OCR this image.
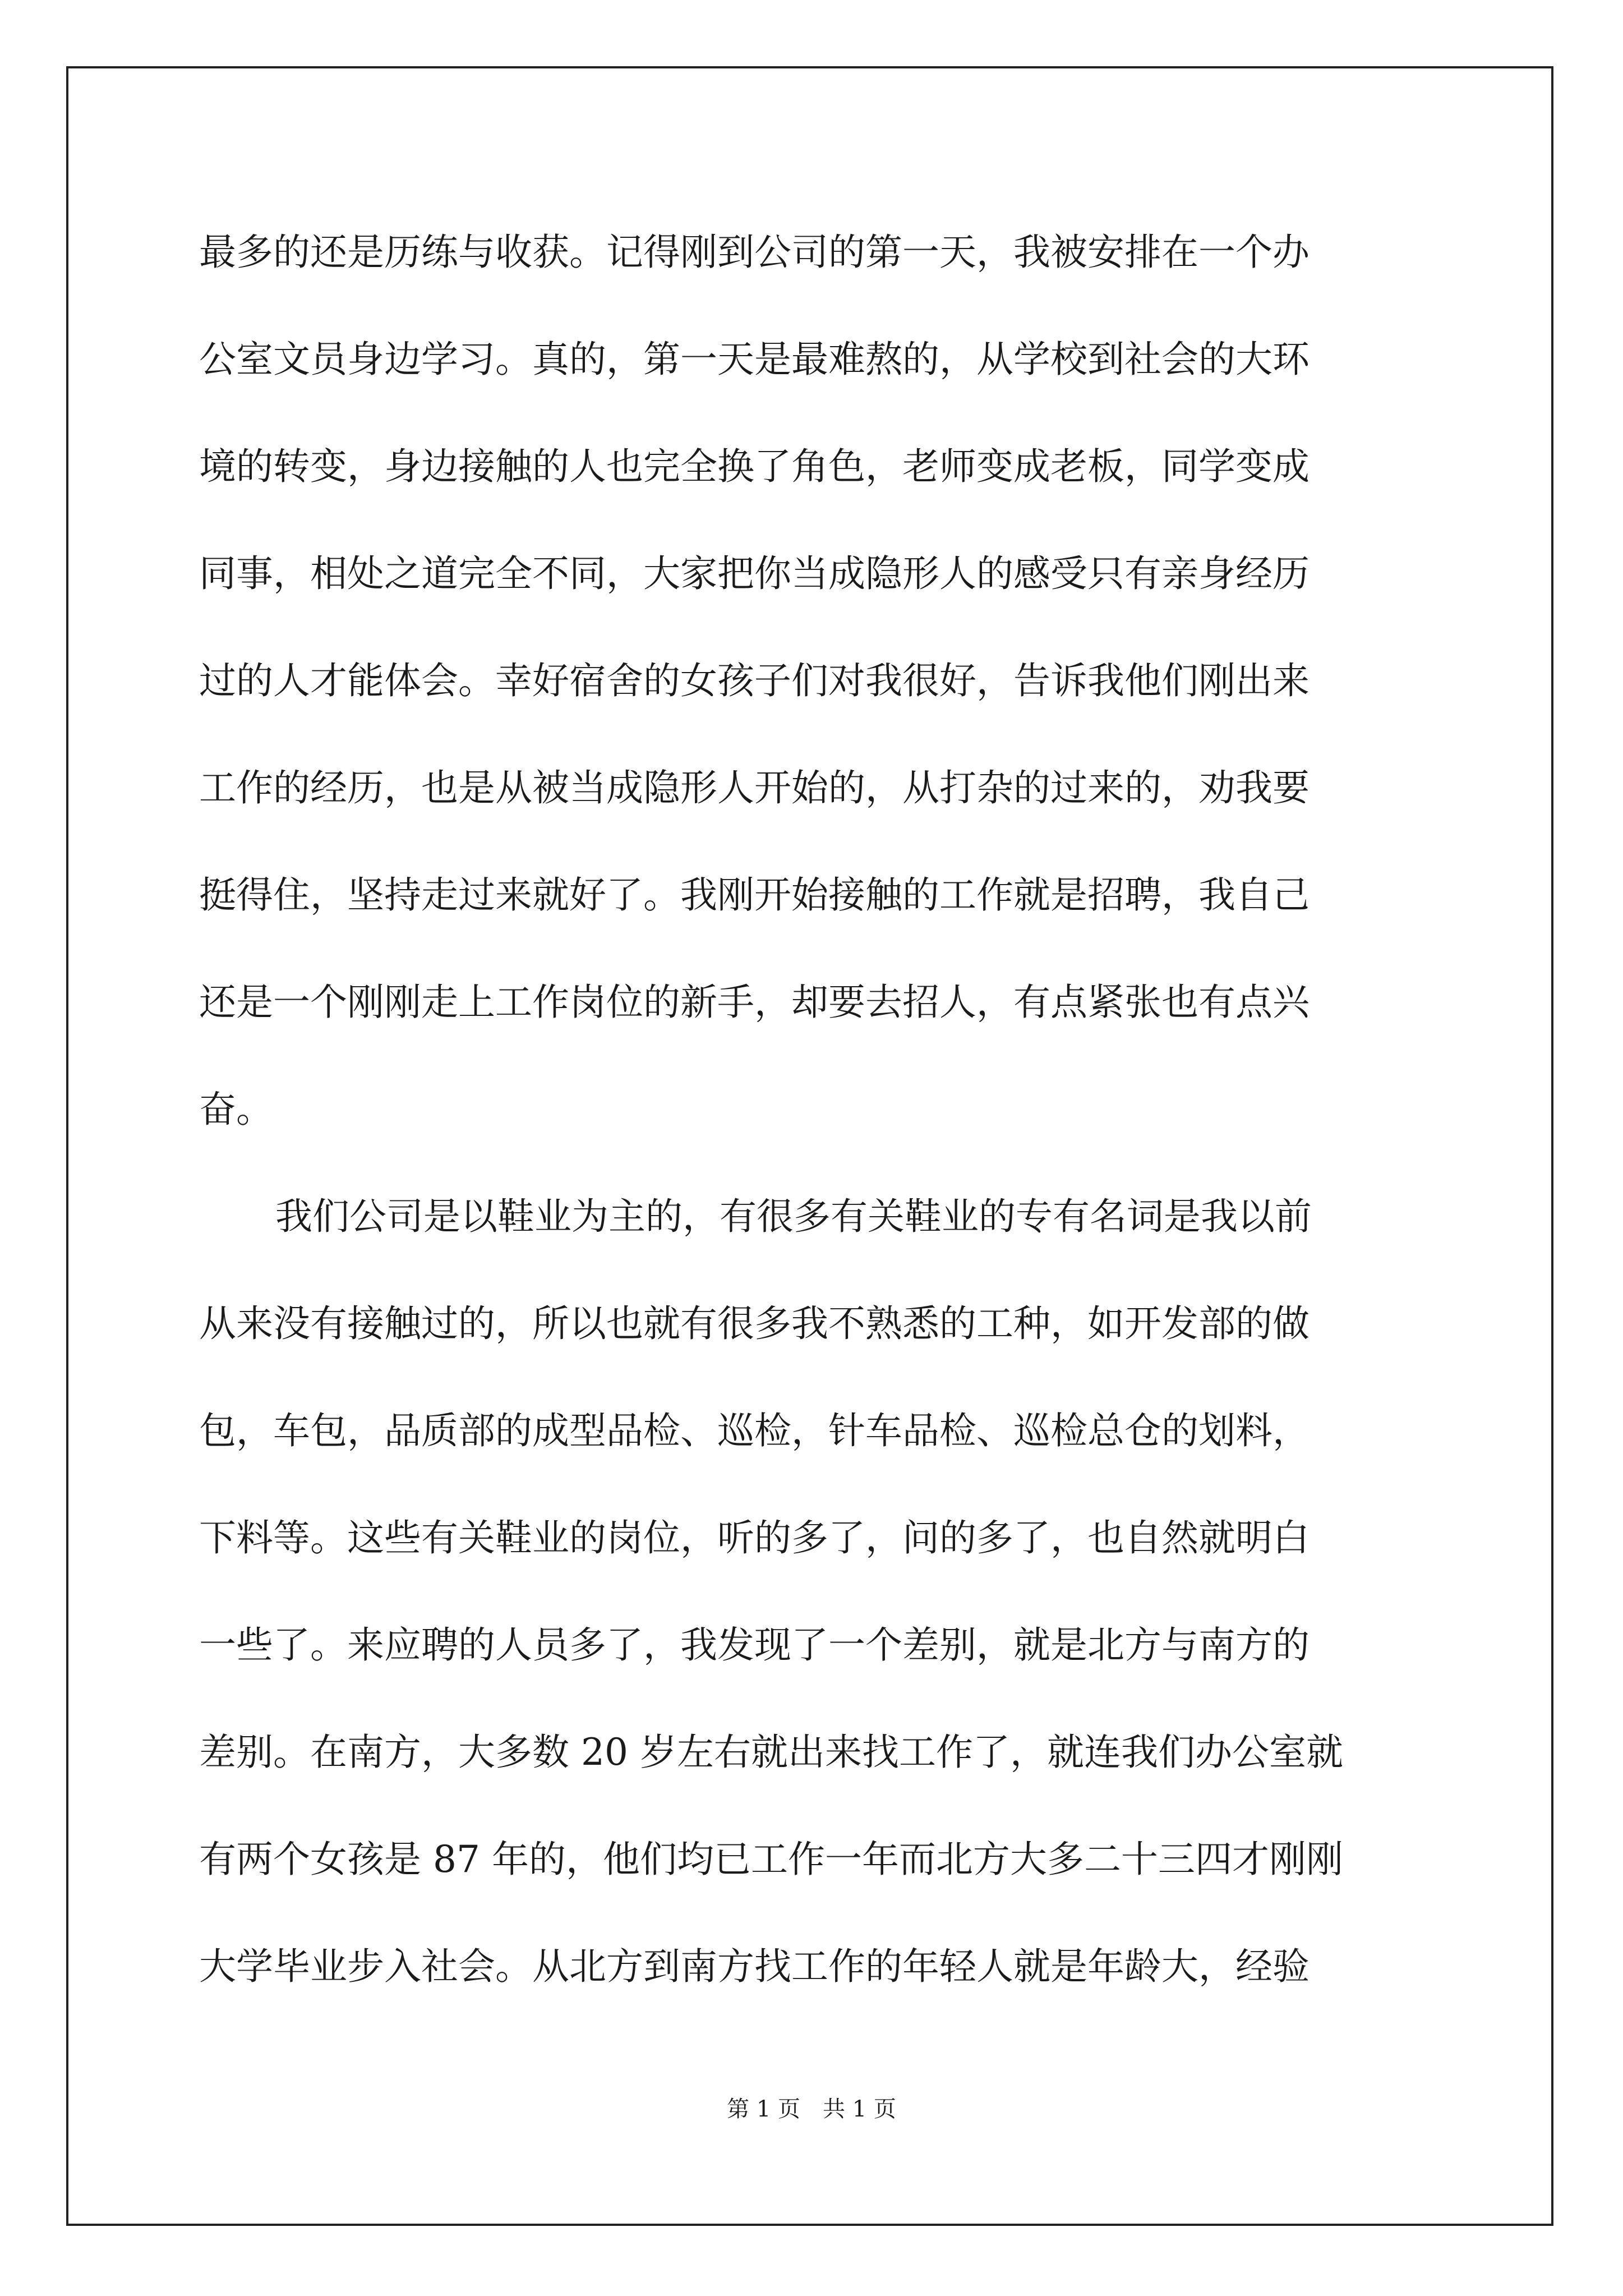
最多的还是历练与收获。记得刚到公司的第一天，我被安排在一个办
公室文员身边学习。真的，第一天是最难熬的，从学校到社会的大环
境的转变，身边接触的人也完全换了角色，老师变成老板，同学变成
同事，相处之道完全不同，大家把你当成隐形人的感受只有亲身经历
过的人才能体会。幸好宿舍的女孩子们对我很好，告诉我他们刚出来
工作的经历，也是从被当成隐形人开始的，从打杂的过来的，劝我要
挺得住，坚持走过来就好了。我刚开始接触的工作就是招聘，我自己
还是一个刚刚走上工作岗位的新手，却要去招人，有点紧张也有点兴
奋。
我们公司是以鞋业为主的，有很多有关鞋业的专有名词是我以前
从来没有接触过的，所以也就有很多我不熟悉的工种，如开发部的做
包，车包，品质部的成型品检、巡检，针车品检、巡检总仓的划料，
下料等。这些有关鞋业的岗位，听的多了，问的多了，也自然就明白
一些了。来应聘的人员多了，我发现了一个差别，就是北方与南方的
差别。在南方，大多数 20 岁左右就出来找工作了，就连我们办公室就
有两个女孩是 87 年的，他们均已工作一年而北方大多二十三四才刚刚
大学毕业步入社会。从北方到南方找工作的年轻人就是年龄大，经验
第 1 页　共 1 页
